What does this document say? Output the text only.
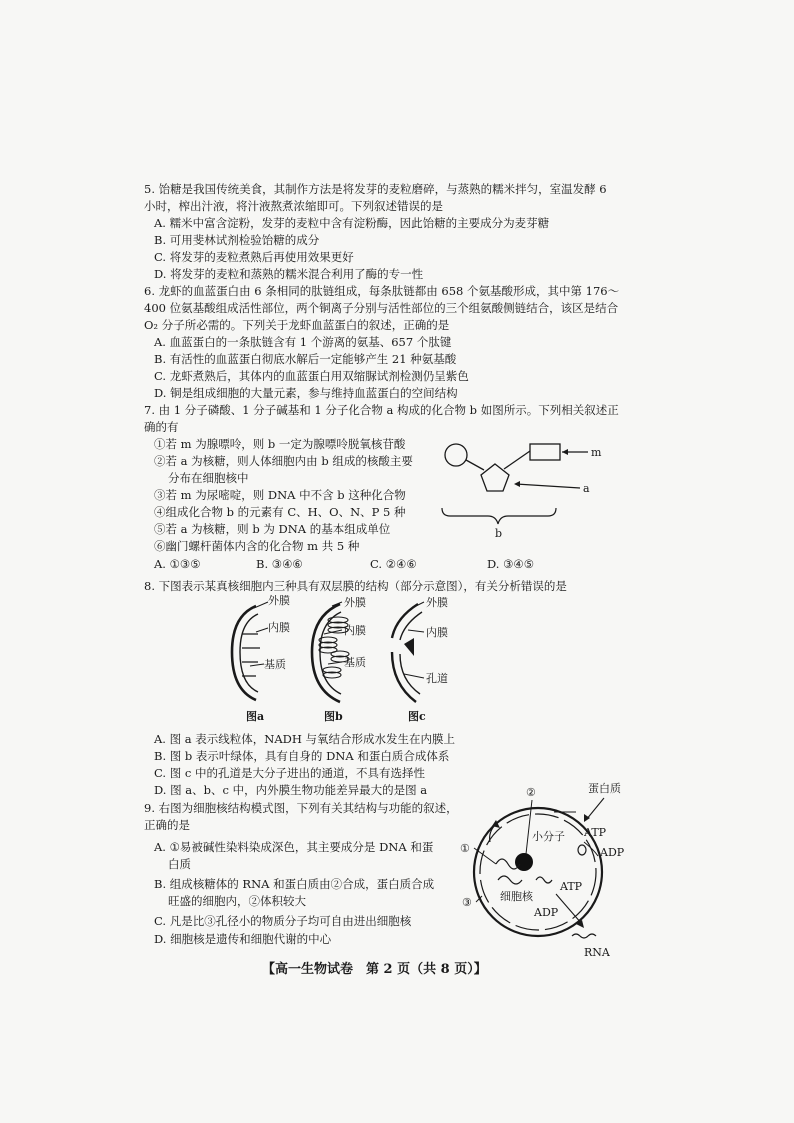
5. 饴糖是我国传统美食，其制作方法是将发芽的麦粒磨碎，与蒸熟的糯米拌匀，室温发酵 6
小时，榨出汁液，将汁液熬煮浓缩即可。下列叙述错误的是
A. 糯米中富含淀粉，发芽的麦粒中含有淀粉酶，因此饴糖的主要成分为麦芽糖
B. 可用斐林试剂检验饴糖的成分
C. 将发芽的麦粒煮熟后再使用效果更好
D. 将发芽的麦粒和蒸熟的糯米混合利用了酶的专一性
6. 龙虾的血蓝蛋白由 6 条相同的肽链组成，每条肽链都由 658 个氨基酸形成，其中第 176～
400 位氨基酸组成活性部位，两个铜离子分别与活性部位的三个组氨酸侧链结合，该区是结合
O₂ 分子所必需的。下列关于龙虾血蓝蛋白的叙述，正确的是
A. 血蓝蛋白的一条肽链含有 1 个游离的氨基、657 个肽键
B. 有活性的血蓝蛋白彻底水解后一定能够产生 21 种氨基酸
C. 龙虾煮熟后，其体内的血蓝蛋白用双缩脲试剂检测仍呈紫色
D. 铜是组成细胞的大量元素，参与维持血蓝蛋白的空间结构
7. 由 1 分子磷酸、1 分子碱基和 1 分子化合物 a 构成的化合物 b 如图所示。下列相关叙述正
确的有
①若 m 为腺嘌呤，则 b 一定为腺嘌呤脱氧核苷酸
②若 a 为核糖，则人体细胞内由 b 组成的核酸主要
分布在细胞核中
③若 m 为尿嘧啶，则 DNA 中不含 b 这种化合物
④组成化合物 b 的元素有 C、H、O、N、P 5 种
⑤若 a 为核糖，则 b 为 DNA 的基本组成单位
⑥幽门螺杆菌体内含的化合物 m 共 5 种
A. ①③⑤	B. ③④⑥	C. ②④⑥	D. ③④⑤
m
a
b
8. 下图表示某真核细胞内三种具有双层膜的结构（部分示意图），有关分析错误的是
外膜
内膜
基质
图a
外膜
内膜
基质
图b
外膜
内膜
孔道
图c
A. 图 a 表示线粒体，NADH 与氧结合形成水发生在内膜上
B. 图 b 表示叶绿体，具有自身的 DNA 和蛋白质合成体系
C. 图 c 中的孔道是大分子进出的通道，不具有选择性
D. 图 a、b、c 中，内外膜生物功能差异最大的是图 a
9. 右图为细胞核结构模式图，下列有关其结构与功能的叙述，
正确的是
A. ①易被碱性染料染成深色，其主要成分是 DNA 和蛋
白质
B. 组成核糖体的 RNA 和蛋白质由②合成，蛋白质合成
旺盛的细胞内，②体积较大
C. 凡是比③孔径小的物质分子均可自由进出细胞核
D. 细胞核是遗传和细胞代谢的中心
①
②
③
蛋白质
小分子 ATP
ADP
细胞核
ATP
ADP
RNA
【高一生物试卷　第 2 页（共 8 页）】
